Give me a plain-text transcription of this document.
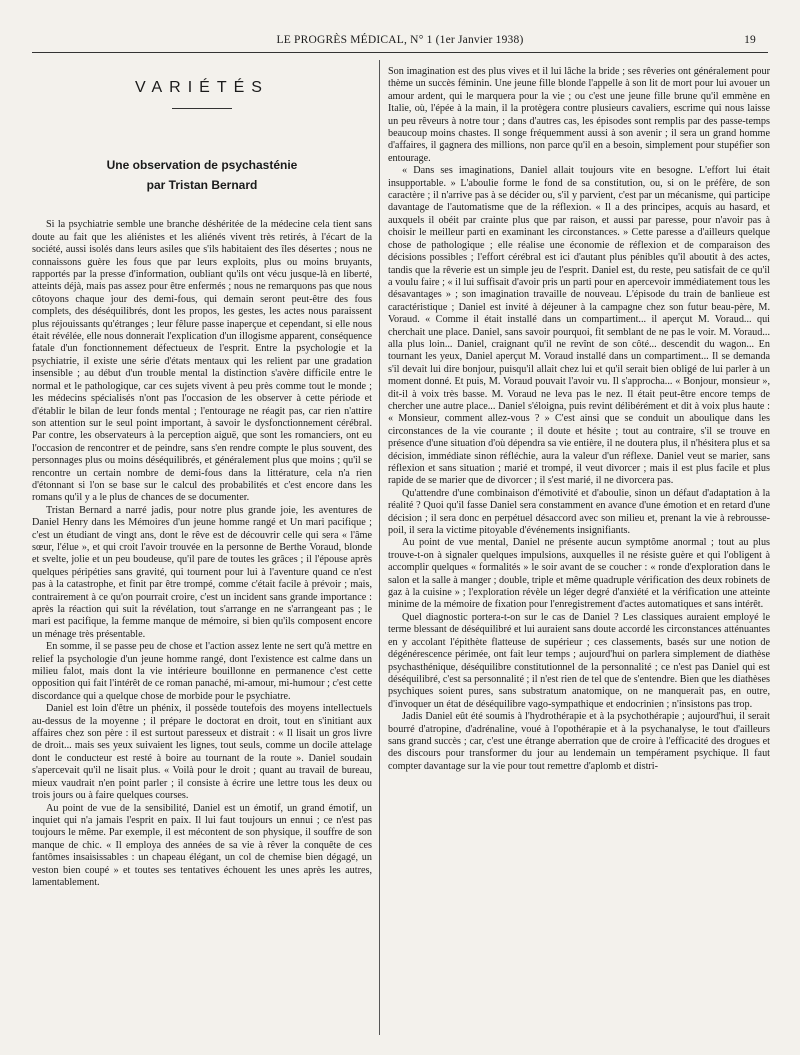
LE PROGRÈS MÉDICAL, N° 1 (1er Janvier 1938)	19
VARIÉTÉS
Une observation de psychasténie
par Tristan Bernard

Si la psychiatrie semble une branche déshéritée de la médecine cela tient sans doute au fait que les aliénistes et les aliénés vivent très retirés, à l'écart de la société, aussi isolés dans leurs asiles que s'ils habitaient des îles désertes ; nous ne connaissons guère les fous que par leurs exploits, plus ou moins bruyants, rapportés par la presse d'information, oubliant qu'ils ont vécu jusque-là en liberté, atteints déjà, mais pas assez pour être enfermés ; nous ne remarquons pas que nous côtoyons chaque jour des demi-fous, qui demain seront peut-être des fous complets, des déséquilibrés, dont les propos, les gestes, les actes nous paraissent plus réjouissants qu'étranges ; leur fêlure passe inaperçue et cependant, si elle nous était révélée, elle nous donnerait l'explication d'un illogisme apparent, conséquence fatale d'un fonctionnement défectueux de l'esprit. Entre la psychologie et la psychiatrie, il existe une série d'états mentaux qui les relient par une gradation insensible ; au début d'un trouble mental la distinction s'avère difficile entre le normal et le pathologique, car ces sujets vivent à peu près comme tout le monde ; les médecins spécialisés n'ont pas l'occasion de les observer à cette période et d'établir le bilan de leur fonds mental ; l'entourage ne réagit pas, car rien n'attire son attention sur le seul point important, à savoir le dysfonctionnement cérébral. Par contre, les observateurs à la perception aiguë, que sont les romanciers, ont eu l'occasion de rencontrer et de peindre, sans s'en rendre compte le plus souvent, des personnages plus ou moins déséquilibrés, et généralement plus que moins ; qu'il se rencontre un certain nombre de demi-fous dans la littérature, cela n'a rien d'étonnant si l'on se base sur le calcul des probabilités et c'est encore dans les romans qu'il y a le plus de chances de se documenter.

Tristan Bernard a narré jadis, pour notre plus grande joie, les aventures de Daniel Henry dans les Mémoires d'un jeune homme rangé et Un mari pacifique ; c'est un étudiant de vingt ans, dont le rêve est de découvrir celle qui sera « l'âme sœur, l'élue », et qui croit l'avoir trouvée en la personne de Berthe Voraud, blonde et svelte, jolie et un peu boudeuse, qu'il pare de toutes les grâces ; il l'épouse après quelques péripéties sans gravité, qui tournent pour lui à l'aventure quand ce n'est pas à la catastrophe, et finit par être trompé, comme c'était facile à prévoir ; mais, contrairement à ce qu'on pourrait croire, c'est un incident sans grande importance : après la réaction qui suit la révélation, tout s'arrange en ne s'arrangeant pas ; le mari est pacifique, la femme manque de mémoire, si bien qu'ils composent encore un ménage très présentable.

En somme, il se passe peu de chose et l'action assez lente ne sert qu'à mettre en relief la psychologie d'un jeune homme rangé, dont l'existence est calme dans un milieu falot, mais dont la vie intérieure bouillonne en permanence c'est cette opposition qui fait l'intérêt de ce roman panaché, mi-amour, mi-humour ; c'est cette discordance qui a quelque chose de morbide pour le psychiatre.

Daniel est loin d'être un phénix, il possède toutefois des moyens intellectuels au-dessus de la moyenne ; il prépare le doctorat en droit, tout en s'initiant aux affaires chez son père : il est surtout paresseux et distrait : « Il lisait un gros livre de droit... mais ses yeux suivaient les lignes, tout seuls, comme un docile attelage dont le conducteur est resté à boire au tournant de la route ». Daniel soudain s'apercevait qu'il ne lisait plus. « Voilà pour le droit ; quant au travail de bureau, mieux vaudrait n'en point parler ; il consiste à écrire une lettre tous les deux ou trois jours ou à faire quelques courses.

Au point de vue de la sensibilité, Daniel est un émotif, un grand émotif, un inquiet qui n'a jamais l'esprit en paix. Il lui faut toujours un ennui ; ce n'est pas toujours le même. Par exemple, il est mécontent de son physique, il souffre de son manque de chic. « Il employa des années de sa vie à rêver la conquête de ces fantômes insaisissables : un chapeau élégant, un col de chemise bien dégagé, un veston bien coupé » et toutes ses tentatives échouent les unes après les autres, lamentablement.

Son imagination est des plus vives et il lui lâche la bride ; ses rêveries ont généralement pour thème un succès féminin. Une jeune fille blonde l'appelle à son lit de mort pour lui avouer un amour ardent, qui le marquera pour la vie ; ou c'est une jeune fille brune qu'il emmène en Italie, où, l'épée à la main, il la protègera contre plusieurs cavaliers, escrime qui nous laisse un peu rêveurs à notre tour ; dans d'autres cas, les épisodes sont remplis par des passe-temps beaucoup moins chastes. Il songe fréquemment aussi à son avenir ; il sera un grand homme d'affaires, il gagnera des millions, non parce qu'il en a besoin, simplement pour stupéfier son entourage.

« Dans ses imaginations, Daniel allait toujours vite en besogne. L'effort lui était insupportable. » L'aboulie forme le fond de sa constitution, ou, si on le préfère, de son caractère ; il n'arrive pas à se décider ou, s'il y parvient, c'est par un mécanisme, qui participe davantage de l'automatisme que de la réflexion. « Il a des principes, acquis au hasard, et auxquels il obéit par crainte plus que par raison, et aussi par paresse, pour n'avoir pas à choisir le meilleur parti en examinant les circonstances. » Cette paresse a d'ailleurs quelque chose de pathologique ; elle réalise une économie de réflexion et de comparaison des décisions possibles ; l'effort cérébral est ici d'autant plus pénibles qu'il aboutit à des actes, tandis que la rêverie est un simple jeu de l'esprit. Daniel est, du reste, peu satisfait de ce qu'il a voulu faire ; « il lui suffisait d'avoir pris un parti pour en apercevoir immédiatement tous les désavantages » ; son imagination travaille de nouveau. L'épisode du train de banlieue est caractéristique ; Daniel est invité à déjeuner à la campagne chez son futur beau-père, M. Voraud. « Comme il était installé dans un compartiment... il aperçut M. Voraud... qui cherchait une place. Daniel, sans savoir pourquoi, fit semblant de ne pas le voir. M. Voraud... alla plus loin... Daniel, craignant qu'il ne revînt de son côté... descendit du wagon... En tournant les yeux, Daniel aperçut M. Voraud installé dans un compartiment... Il se demanda s'il devait lui dire bonjour, puisqu'il allait chez lui et qu'il serait bien obligé de lui parler à un moment donné. Et puis, M. Voraud pouvait l'avoir vu. Il s'approcha... « Bonjour, monsieur », dit-il à voix très basse. M. Voraud ne leva pas le nez. Il était peut-être encore temps de chercher une autre place... Daniel s'éloigna, puis revint délibérément et dit à voix plus haute : « Monsieur, comment allez-vous ? » C'est ainsi que se conduit un aboulique dans les circonstances de la vie courante ; il doute et hésite ; tout au contraire, s'il se trouve en présence d'une situation d'où dépendra sa vie entière, il ne doutera plus, il n'hésitera plus et sa décision, immédiate sinon réfléchie, aura la valeur d'un réflexe. Daniel veut se marier, sans réflexion et sans situation ; marié et trompé, il veut divorcer ; mais il est plus facile et plus rapide de se marier que de divorcer ; il s'est marié, il ne divorcera pas.

Qu'attendre d'une combinaison d'émotivité et d'aboulie, sinon un défaut d'adaptation à la réalité ? Quoi qu'il fasse Daniel sera constamment en avance d'une émotion et en retard d'une décision ; il sera donc en perpétuel désaccord avec son milieu et, prenant la vie à rebrousse-poil, il sera la victime pitoyable d'événements insignifiants.

Au point de vue mental, Daniel ne présente aucun symptôme anormal ; tout au plus trouve-t-on à signaler quelques impulsions, auxquelles il ne résiste guère et qui l'obligent à accomplir quelques « formalités » le soir avant de se coucher : « ronde d'exploration dans le salon et la salle à manger ; double, triple et même quadruple vérification des deux robinets de gaz à la cuisine » ; l'exploration révèle un léger degré d'anxiété et la vérification une atteinte minime de la mémoire de fixation pour l'enregistrement d'actes automatiques et sans intérêt.

Quel diagnostic portera-t-on sur le cas de Daniel ? Les classiques auraient employé le terme blessant de déséquilibré et lui auraient sans doute accordé les circonstances atténuantes en y accolant l'épithète flatteuse de supérieur ; ces classements, basés sur une notion de dégénérescence périmée, ont fait leur temps ; aujourd'hui on parlera simplement de diathèse psychasthénique, déséquilibre constitutionnel de la personnalité ; ce n'est pas Daniel qui est déséquilibré, c'est sa personnalité ; il n'est rien de tel que de s'entendre. Bien que les diathèses psychiques soient pures, sans substratum anatomique, on ne manquerait pas, en outre, d'invoquer un état de déséquilibre vago-sympathique et endocrinien ; n'insistons pas trop.

Jadis Daniel eût été soumis à l'hydrothérapie et à la psychothérapie ; aujourd'hui, il serait bourré d'atropine, d'adrénaline, voué à l'opothérapie et à la psychanalyse, le tout d'ailleurs sans grand succès ; car, c'est une étrange aberration que de croire à l'efficacité des drogues et des discours pour transformer du jour au lendemain un tempérament psychique. Il faut compter davantage sur la vie pour tout remettre d'aplomb et distri-
